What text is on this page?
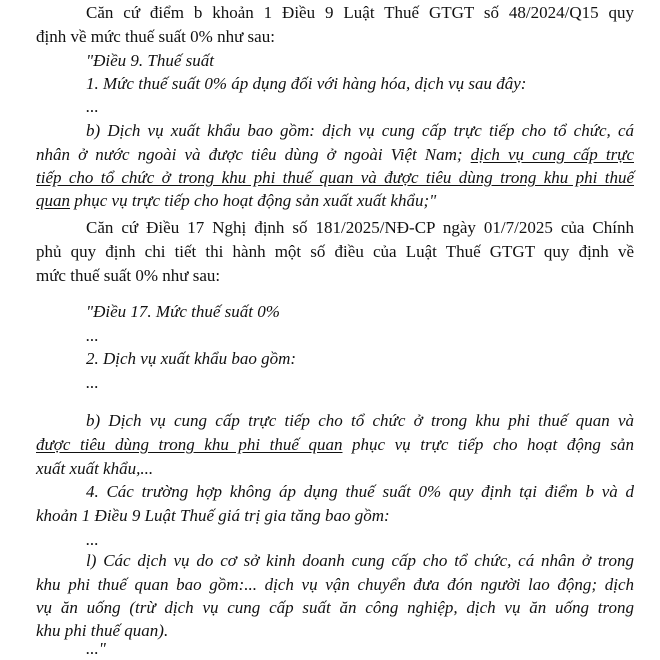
Căn cứ điểm b khoản 1 Điều 9 Luật Thuế GTGT số 48/2024/Q15 quy
định về mức thuế suất 0% như sau:
"Điều 9. Thuế suất
1. Mức thuế suất 0% áp dụng đối với hàng hóa, dịch vụ sau đây:
...
b) Dịch vụ xuất khẩu bao gồm: dịch vụ cung cấp trực tiếp cho tổ chức, cá
nhân ở nước ngoài và được tiêu dùng ở ngoài Việt Nam; dịch vụ cung cấp trực
tiếp cho tổ chức ở trong khu phi thuế quan và được tiêu dùng trong khu phi thuế
quan phục vụ trực tiếp cho hoạt động sản xuất xuất khẩu;"
Căn cứ Điều 17 Nghị định số 181/2025/NĐ-CP ngày 01/7/2025 của Chính
phủ quy định chi tiết thi hành một số điều của Luật Thuế GTGT quy định về
mức thuế suất 0% như sau:
"Điều 17. Mức thuế suất 0%
...
2. Dịch vụ xuất khẩu bao gồm:
...
b) Dịch vụ cung cấp trực tiếp cho tổ chức ở trong khu phi thuế quan và
được tiêu dùng trong khu phi thuế quan phục vụ trực tiếp cho hoạt động sản
xuất xuất khẩu,...
4. Các trường hợp không áp dụng thuế suất 0% quy định tại điểm b và d
khoản 1 Điều 9 Luật Thuế giá trị gia tăng bao gồm:
...
l) Các dịch vụ do cơ sở kinh doanh cung cấp cho tổ chức, cá nhân ở trong
khu phi thuế quan bao gồm:... dịch vụ vận chuyển đưa đón người lao động; dịch
vụ ăn uống (trừ dịch vụ cung cấp suất ăn công nghiệp, dịch vụ ăn uống trong
khu phi thuế quan).
..."
